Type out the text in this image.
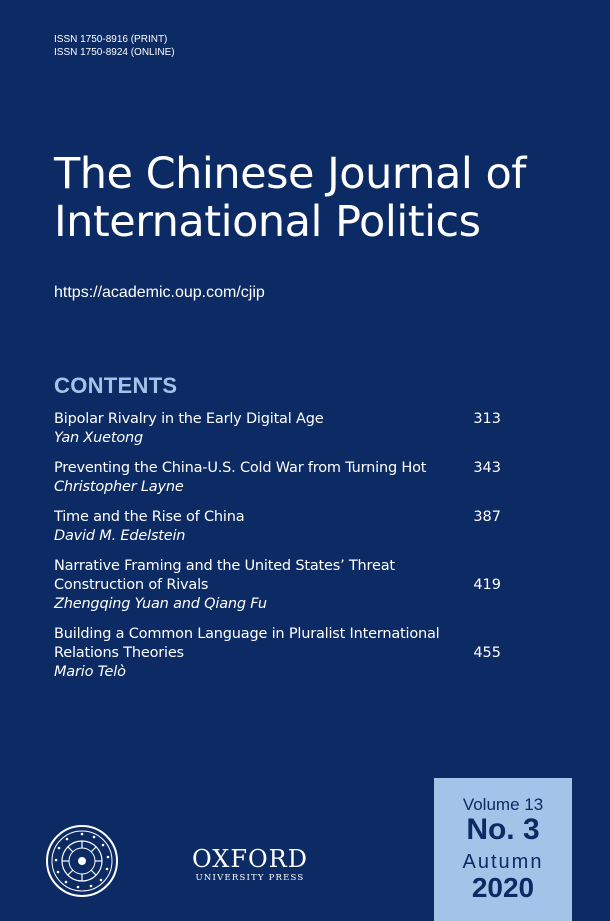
ISSN 1750-8916 (PRINT)
ISSN 1750-8924 (ONLINE)
The Chinese Journal of
International Politics
https://academic.oup.com/cjip
CONTENTS
Bipolar Rivalry in the Early Digital Age
Yan Xuetong
313
Preventing the China-U.S. Cold War from Turning Hot
Christopher Layne
343
Time and the Rise of China
David M. Edelstein
387
Narrative Framing and the United States’ Threat
Construction of Rivals
Zhengqing Yuan and Qiang Fu
419
Building a Common Language in Pluralist International
Relations Theories
Mario Telò
455
OXFORD
UNIVERSITY PRESS
Volume 13
No. 3
Autumn
2020
